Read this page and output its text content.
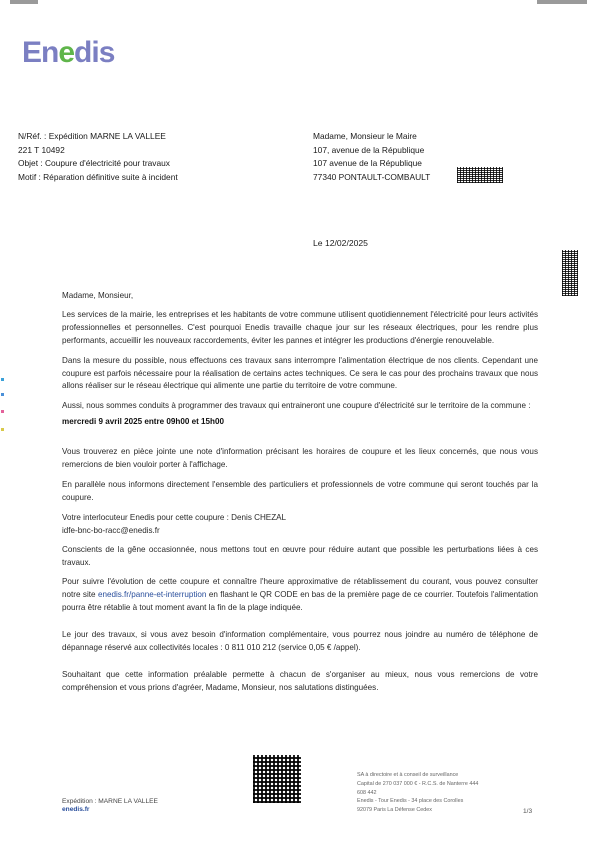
Enedis
N/Réf. : Expédition MARNE LA VALLEE
221 T 10492
Objet : Coupure d'électricité pour travaux
Motif : Réparation définitive suite à incident
Madame, Monsieur le Maire
107, avenue de la République
107 avenue de la République
77340 PONTAULT-COMBAULT
Le 12/02/2025

Madame, Monsieur,

Les services de la mairie, les entreprises et les habitants de votre commune utilisent quotidiennement l'électricité pour leurs activités professionnelles et personnelles. C'est pourquoi Enedis travaille chaque jour sur les réseaux électriques, pour les rendre plus performants, accueillir les nouveaux raccordements, éviter les pannes et intégrer les productions d'énergie renouvelable.

Dans la mesure du possible, nous effectuons ces travaux sans interrompre l'alimentation électrique de nos clients. Cependant une coupure est parfois nécessaire pour la réalisation de certains actes techniques. Ce sera le cas pour des prochains travaux que nous allons réaliser sur le réseau électrique qui alimente une partie du territoire de votre commune.

Aussi, nous sommes conduits à programmer des travaux qui entraineront une coupure d'électricité sur le territoire de la commune :

mercredi 9 avril 2025 entre 09h00 et 15h00

Vous trouverez en pièce jointe une note d'information précisant les horaires de coupure et les lieux concernés, que nous vous remercions de bien vouloir porter à l'affichage.

En parallèle nous informons directement l'ensemble des particuliers et professionnels de votre commune qui seront touchés par la coupure.

Votre interlocuteur Enedis pour cette coupure : Denis CHEZAL

idfe-bnc-bo-racc@enedis.fr

Conscients de la gêne occasionnée, nous mettons tout en œuvre pour réduire autant que possible les perturbations liées à ces travaux.

Pour suivre l'évolution de cette coupure et connaître l'heure approximative de rétablissement du courant, vous pouvez consulter notre site enedis.fr/panne-et-interruption en flashant le QR CODE en bas de la première page de ce courrier. Toutefois l'alimentation pourra être rétablie à tout moment avant la fin de la plage indiquée.

Le jour des travaux, si vous avez besoin d'information complémentaire, vous pourrez nous joindre au numéro de téléphone de dépannage réservé aux collectivités locales : 0 811 010 212 (service 0,05 € /appel).

Souhaitant que cette information préalable permette à chacun de s'organiser au mieux, nous vous remercions de votre compréhension et vous prions d'agréer, Madame, Monsieur, nos salutations distinguées.

Expédition : MARNE LA VALLEE
enedis.fr
SA à directoire et à conseil de surveillance
Capital de 270 037 000 € - R.C.S. de Nanterre 444
608 442
Enedis - Tour Enedis - 34 place des Corolles
92079 Paris La Défense Cedex	1/3
